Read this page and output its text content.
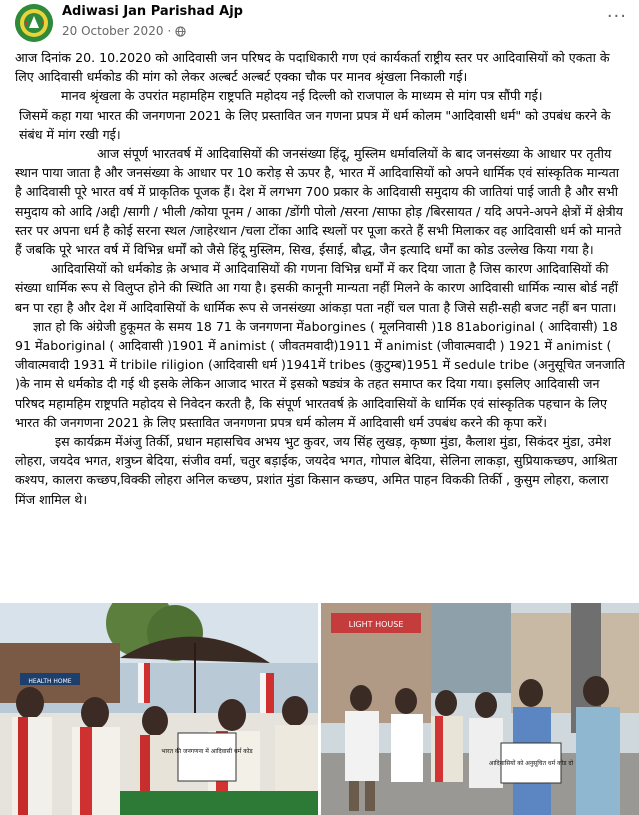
Adiwasi Jan Parishad Ajp
20 October 2020 ·
···

आज दिनांक 20. 10.2020 को आदिवासी जन परिषद के पदाधिकारी गण एवं कार्यकर्ता राष्ट्रीय स्तर पर आदिवासियों को एकता के लिए आदिवासी धर्मकोड की मांग को लेकर अल्बर्ट अल्बर्ट एक्का चौक पर मानव श्रृंखला निकाली गई।

मानव श्रृंखला के उपरांत महामहिम राष्ट्रपति महोदय नई दिल्ली को राजपाल के माध्यम से मांग पत्र सौंपी गई।

जिसमें कहा गया भारत की जनगणना 2021 के लिए प्रस्तावित जन गणना प्रपत्र में धर्म कोलम "आदिवासी धर्म" को उपबंध करने के संबंध में मांग रखी गई।

आज संपूर्ण भारतवर्ष में आदिवासियों की जनसंख्या हिंदू, मुस्लिम धर्मावलियों के बाद जनसंख्या के आधार पर तृतीय स्थान पाया जाता है और जनसंख्या के आधार पर 10 करोड़ से ऊपर है, भारत में आदिवासियों को अपने धार्मिक एवं सांस्कृतिक मान्यता है आदिवासी पूरे भारत वर्ष में प्राकृतिक पूजक हैं। देश में लगभग 700 प्रकार के आदिवासी समुदाय की जातियां पाई जाती है और सभी समुदाय को आदि /अद्दी /सागी / भीली /कोया पूनम / आका /डोंगी पोलो /सरना /साफा होड़ /बिरसायत / यदि अपने-अपने क्षेत्रों में क्षेत्रीय स्तर पर अपना धर्म है कोई सरना स्थल /जाहेरथान /चला टोंका आदि स्थलों पर पूजा करते हैं सभी मिलाकर वह आदिवासी धर्म को मानते हैं जबकि पूरे भारत वर्ष में विभिन्न धर्मों को जैसे हिंदू मुस्लिम, सिख, ईसाई, बौद्ध, जैन इत्यादि धर्मों का कोड उल्लेख किया गया है।

आदिवासियों को धर्मकोड क़े अभाव में आदिवासियों की गणना विभिन्न धर्मों में कर दिया जाता है जिस कारण आदिवासियों की संख्या धार्मिक रूप से विलुप्त होने की स्थिति आ गया है। इसकी कानूनी मान्यता नहीं मिलने के कारण आदिवासी धार्मिक न्यास बोर्ड नहीं बन पा रहा है और देश में आदिवासियों के धार्मिक रूप से जनसंख्या आंकड़ा पता नहीं चल पाता है जिसे सही-सही बजट नहीं बन पाता।

ज्ञात हो कि अंग्रेजी हुकूमत के समय 18 71 के जनगणना मेंaborgines ( मूलनिवासी )18 81aboriginal ( आदिवासी) 18 91 मेंaboriginal ( आदिवासी )1901 में animist ( जीवतमवादी)1911 में animist (जीवात्मवादी ) 1921 में animist ( जीवात्मवादी 1931 में tribile riligion (आदिवासी धर्म )1941में tribes (कुटुम्ब)1951 में sedule tribe (अनुसूचित जनजाति )के नाम से धर्मकोड दी गई थी इसके लेकिन आजाद भारत में इसको षड्यंत्र के तहत समाप्त कर दिया गया। इसलिए आदिवासी जन परिषद महामहिम राष्ट्रपति महोदय से निवेदन करती है, कि संपूर्ण भारतवर्ष क़े आदिवासियों के धार्मिक एवं सांस्कृतिक पहचान के लिए भारत की जनगणना 2021 क़े लिए प्रस्तावित जनगणना प्रपत्र धर्म कोलम में आदिवासी धर्म उपबंध करने की कृपा करें।

इस कार्यक्रम मेंअंजु तिर्की, प्रधान महासचिव अभय भुट कुवर, जय सिंह लुखड़, कृष्णा मुंडा, कैलाश मुंडा, सिकंदर मुंडा, उमेश लोहरा, जयदेव भगत, शत्रुघ्न बेदिया, संजीव वर्मा, चतुर बड़ाईक, जयदेव भगत, गोपाल बेदिया, सेलिना लाकड़ा, सुप्रियाकच्छप, आश्रिता कश्यप, कालरा कच्छप,विक्की लोहरा अनिल कच्छप, प्रशांत मुंडा किसान कच्छप, अमित पाहन विककी तिर्की , कुसुम लोहरा, कलारा मिंज शामिल थे।

HEALTH HOME
भारत की जनगणना में आदिवासी धर्म कोड
LIGHT HOUSE
आदिवासियों को अनुसूचित धर्म कोड दो
